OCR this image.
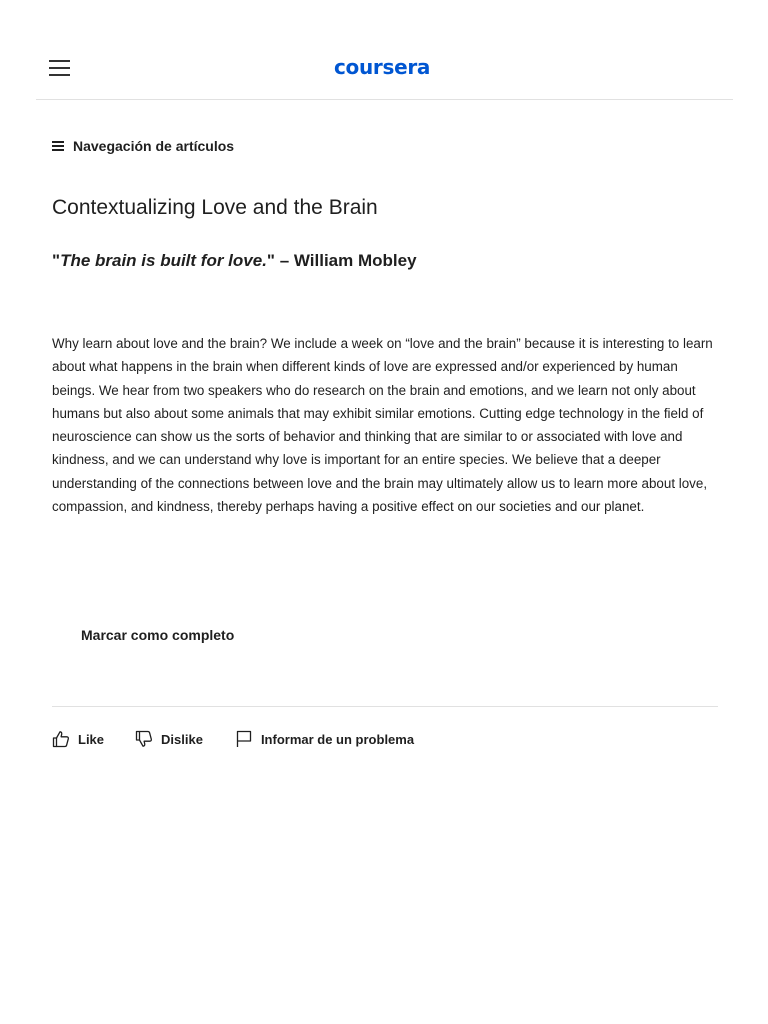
coursera
Navegación de artículos
Contextualizing Love and the Brain
"The brain is built for love." – William Mobley

Why learn about love and the brain? We include a week on “love and the brain” because it is interesting to learn about what happens in the brain when different kinds of love are expressed and/or experienced by human beings. We hear from two speakers who do research on the brain and emotions, and we learn not only about humans but also about some animals that may exhibit similar emotions. Cutting edge technology in the field of neuroscience can show us the sorts of behavior and thinking that are similar to or associated with love and kindness, and we can understand why love is important for an entire species. We believe that a deeper understanding of the connections between love and the brain may ultimately allow us to learn more about love, compassion, and kindness, thereby perhaps having a positive effect on our societies and our planet.

Marcar como completo
Like	Dislike	Informar de un problema
